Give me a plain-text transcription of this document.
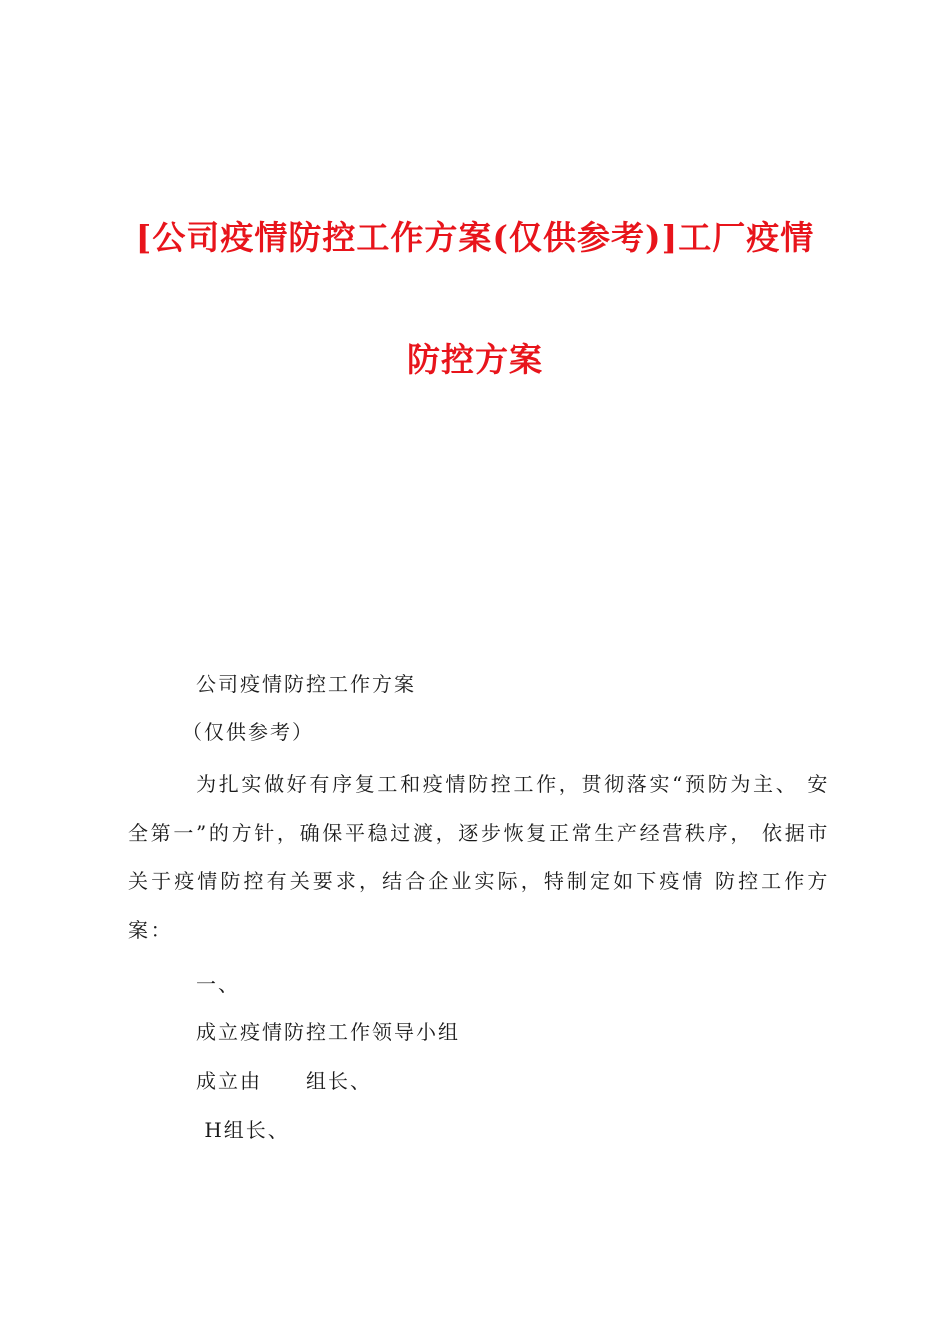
[公司疫情防控工作方案(仅供参考)]工厂疫情
防控方案

公司疫情防控工作方案

（仅供参考）

为扎实做好有序复工和疫情防控工作，贯彻落实“预防为主、 安全第一”的方针，确保平稳过渡，逐步恢复正常生产经营秩序， 依据市关于疫情防控有关要求，结合企业实际，特制定如下疫情 防控工作方案：

一、

成立疫情防控工作领导小组

成立由　　组长、

H组长、
